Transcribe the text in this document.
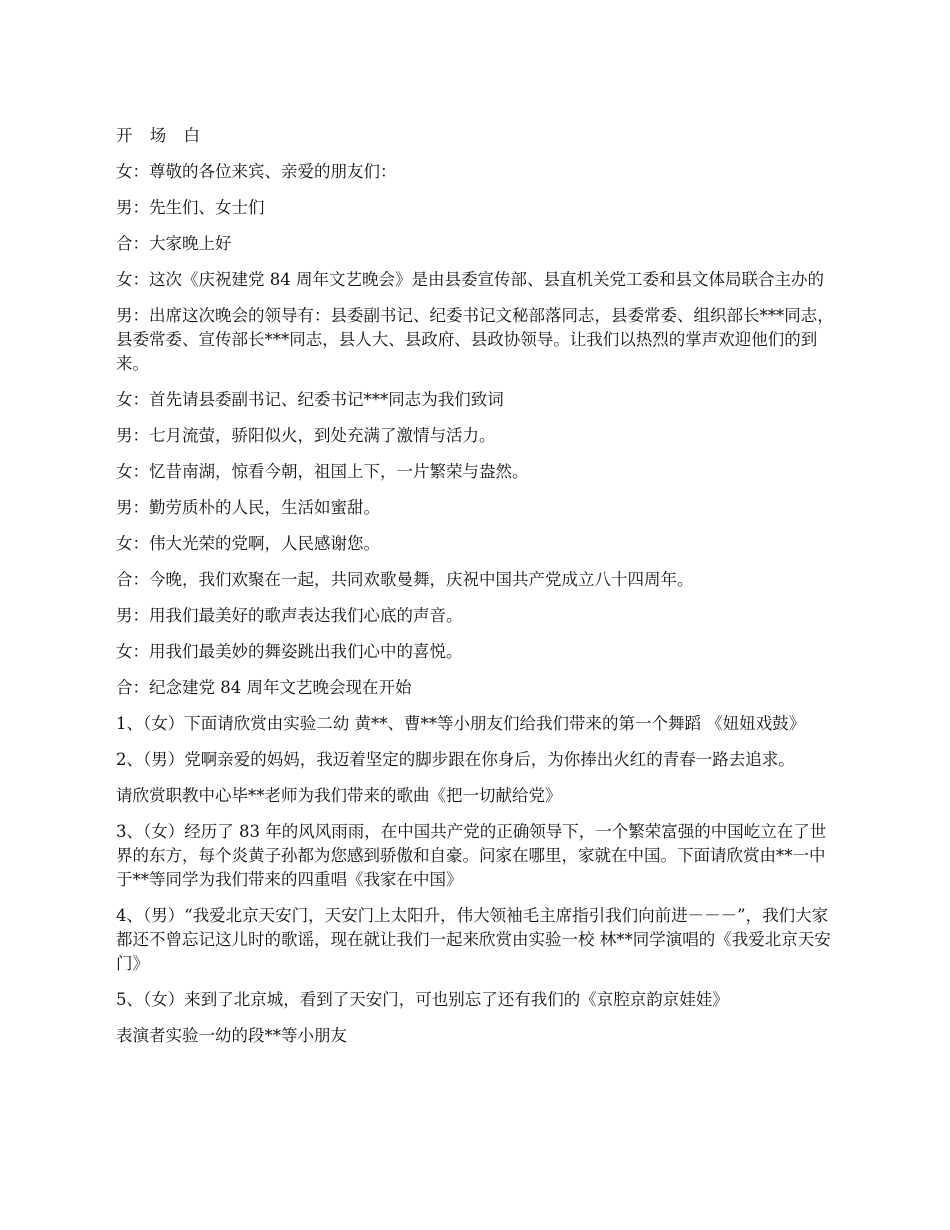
开 场 白

女：尊敬的各位来宾、亲爱的朋友们：

男：先生们、女士们

合：大家晚上好

女：这次《庆祝建党 84 周年文艺晚会》是由县委宣传部、县直机关党工委和县文体局联合主办的

男：出席这次晚会的领导有：县委副书记、纪委书记文秘部落同志，县委常委、组织部长***同志，县委常委、宣传部长***同志，县人大、县政府、县政协领导。让我们以热烈的掌声欢迎他们的到来。

女：首先请县委副书记、纪委书记***同志为我们致词

男：七月流萤，骄阳似火，到处充满了激情与活力。

女：忆昔南湖，惊看今朝，祖国上下，一片繁荣与盎然。

男：勤劳质朴的人民，生活如蜜甜。

女：伟大光荣的党啊，人民感谢您。

合：今晚，我们欢聚在一起，共同欢歌曼舞，庆祝中国共产党成立八十四周年。

男：用我们最美好的歌声表达我们心底的声音。

女：用我们最美妙的舞姿跳出我们心中的喜悦。

合：纪念建党 84 周年文艺晚会现在开始

1、（女）下面请欣赏由实验二幼 黄**、曹**等小朋友们给我们带来的第一个舞蹈 《妞妞戏鼓》

2、（男）党啊亲爱的妈妈，我迈着坚定的脚步跟在你身后，为你捧出火红的青春一路去追求。

请欣赏职教中心毕**老师为我们带来的歌曲《把一切献给党》

3、（女）经历了 83 年的风风雨雨，在中国共产党的正确领导下，一个繁荣富强的中国屹立在了世界的东方，每个炎黄子孙都为您感到骄傲和自豪。问家在哪里，家就在中国。下面请欣赏由**一中 于**等同学为我们带来的四重唱《我家在中国》

4、（男）“我爱北京天安门，天安门上太阳升，伟大领袖毛主席指引我们向前进－－－”，我们大家都还不曾忘记这儿时的歌谣，现在就让我们一起来欣赏由实验一校 林**同学演唱的《我爱北京天安门》

5、（女）来到了北京城，看到了天安门，可也别忘了还有我们的《京腔京韵京娃娃》

表演者实验一幼的段**等小朋友
